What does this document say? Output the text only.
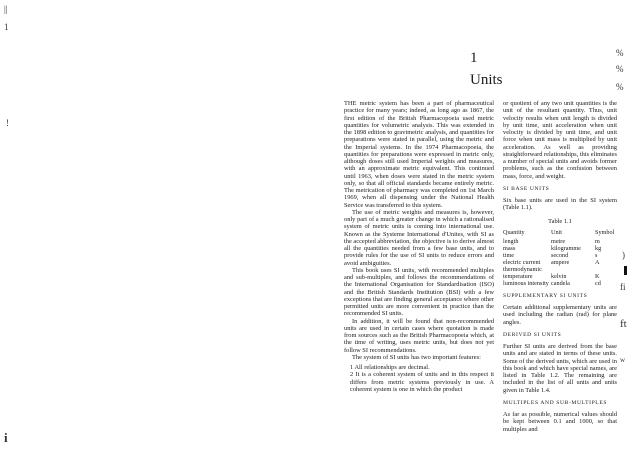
||
1
!
i
%
%
%
)
fi
ft
w
1
Units

THE metric system has been a part of pharmaceutical practice for many years; indeed, as long ago as 1867, the first edition of the British Pharmacopoeia used metric quantities for volumetric analysis. This was extended in the 1898 edition to gravimetric analysis, and quantities for preparations were stated in parallel, using the metric and the Imperial systems. In the 1974 Pharmacopoeia, the quantities for preparations were expressed in metric only, although doses still used Imperial weights and measures, with an approximate metric equivalent. This continued until 1963, when doses were stated in the metric system only, so that all official standards became entirely metric. The metrication of pharmacy was completed on 1st March 1969, when all dispensing under the National Health Service was transferred to this system.

The use of metric weights and measures is, however, only part of a much greater change in which a rationalised system of metric units is coming into international use. Known as the Systeme International d'Unites, with SI as the accepted abbreviation, the objective is to derive almost all the quantities needed from a few base units, and to provide rules for the use of SI units to reduce errors and avoid ambiguities.

This book uses SI units, with recommended multiples and sub-multiples, and follows the recommendations of the International Organisation for Standardisation (ISO) and the British Standards Institution (BSI) with a few exceptions that are finding general acceptance where other permitted units are more convenient in practice than the recommended SI units.

In addition, it will be found that non-recommended units are used in certain cases where quotation is made from sources such as the British Pharmacopoeia which, at the time of writing, uses metric units, but does not yet follow SI recommendations.

The system of SI units has two important features:

1 All relationships are decimal.

2 It is a coherent system of units and in this respect it differs from metric systems previously in use. A coherent system is one in which the product

or quotient of any two unit quantities is the unit of the resultant quantity. Thus, unit velocity results when unit length is divided by unit time, unit acceleration when unit velocity is divided by unit time, and unit force when unit mass is multiplied by unit acceleration. As well as providing straightforward relationships, this eliminates a number of special units and avoids former problems, such as the confusion between mass, force, and weight.

SI BASE UNITS

Six base units are used in the SI system (Table 1.1).

Table 1.1
Quantity	Unit	Symbol
length	metre	m
mass	kilogramme	kg
time	second	s
electric current	ampere	A
thermodynamic		
temperature	kelvin	K
luminous intensity	candela	cd
SUPPLEMENTARY SI UNITS

Certain additional supplementary units are used including the radian (rad) for plane angles.

DERIVED SI UNITS

Further SI units are derived from the base units and are stated in terms of these units. Some of the derived units, which are used in this book and which have special names, are listed in Table 1.2. The remaining are included in the list of all units and units given in Table 1.4.

MULTIPLES AND SUB-MULTIPLES

As far as possible, numerical values should be kept between 0.1 and 1000, so that multiples and
